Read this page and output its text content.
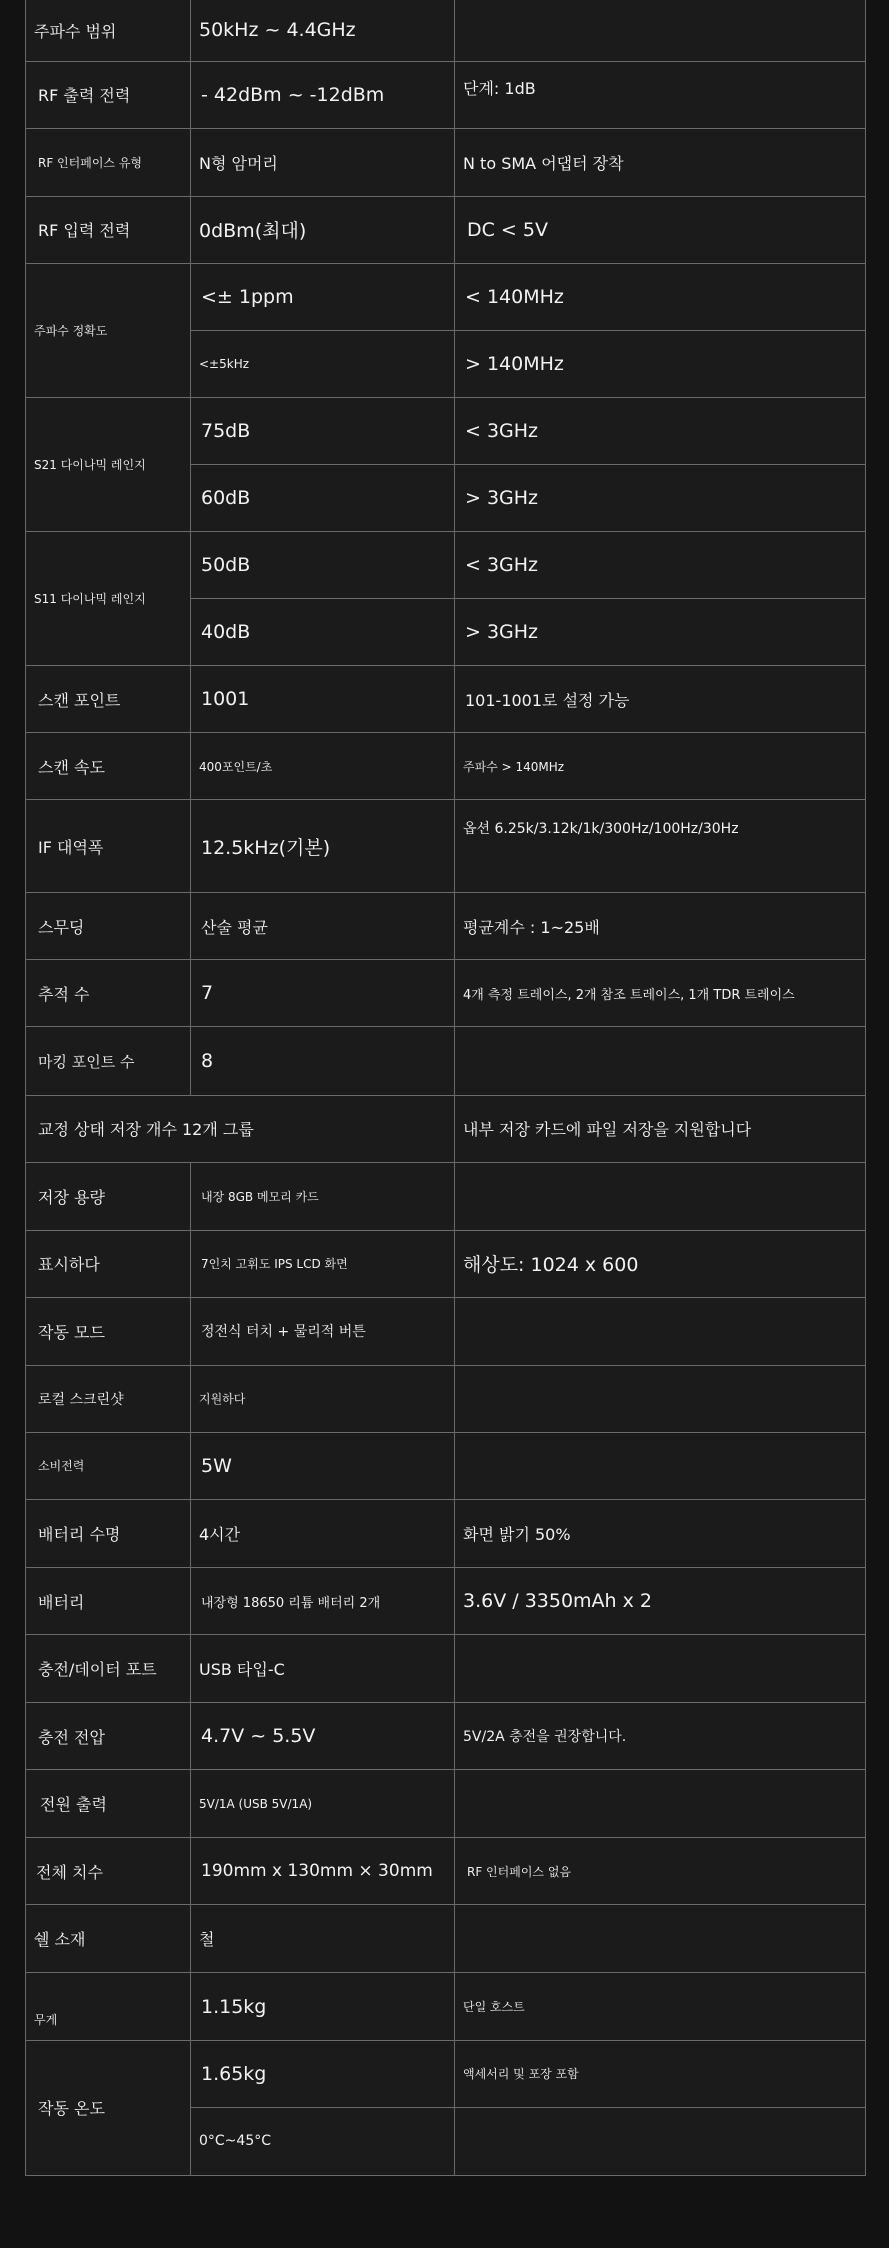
주파수 범위	50kHz ~ 4.4GHz	
RF 출력 전력	- 42dBm ~ -12dBm	단계: 1dB
RF 인터페이스 유형	N형 암머리	N to SMA 어댑터 장착
RF 입력 전력	0dBm(최대)	DC < 5V
주파수 정확도	<± 1ppm	< 140MHz
	<±5kHz	> 140MHz
S21 다이나믹 레인지	75dB	< 3GHz
	60dB	> 3GHz
S11 다이나믹 레인지	50dB	< 3GHz
	40dB	> 3GHz
스캔 포인트	1001	101-1001로 설정 가능
스캔 속도	400포인트/초	주파수 > 140MHz
IF 대역폭	12.5kHz(기본)	옵션 6.25k/3.12k/1k/300Hz/100Hz/30Hz
스무딩	산술 평균	평균계수 : 1~25배
추적 수	7	4개 측정 트레이스, 2개 참조 트레이스, 1개 TDR 트레이스
마킹 포인트 수	8	
교정 상태 저장 개수 12개 그룹		내부 저장 카드에 파일 저장을 지원합니다
저장 용량	내장 8GB 메모리 카드	
표시하다	7인치 고휘도 IPS LCD 화면	해상도: 1024 x 600
작동 모드	정전식 터치 + 물리적 버튼	
로컬 스크린샷	지원하다	
소비전력	5W	
배터리 수명	4시간	화면 밝기 50%
배터리	내장형 18650 리튬 배터리 2개	3.6V / 3350mAh x 2
충전/데이터 포트	USB 타입-C	
충전 전압	4.7V ~ 5.5V	5V/2A 충전을 권장합니다.
전원 출력	5V/1A (USB 5V/1A)	
전체 치수	190mm x 130mm × 30mm	RF 인터페이스 없음
쉘 소재	철	
무게	1.15kg	단일 호스트
작동 온도	1.65kg	액세서리 및 포장 포함
	0°C~45°C	
